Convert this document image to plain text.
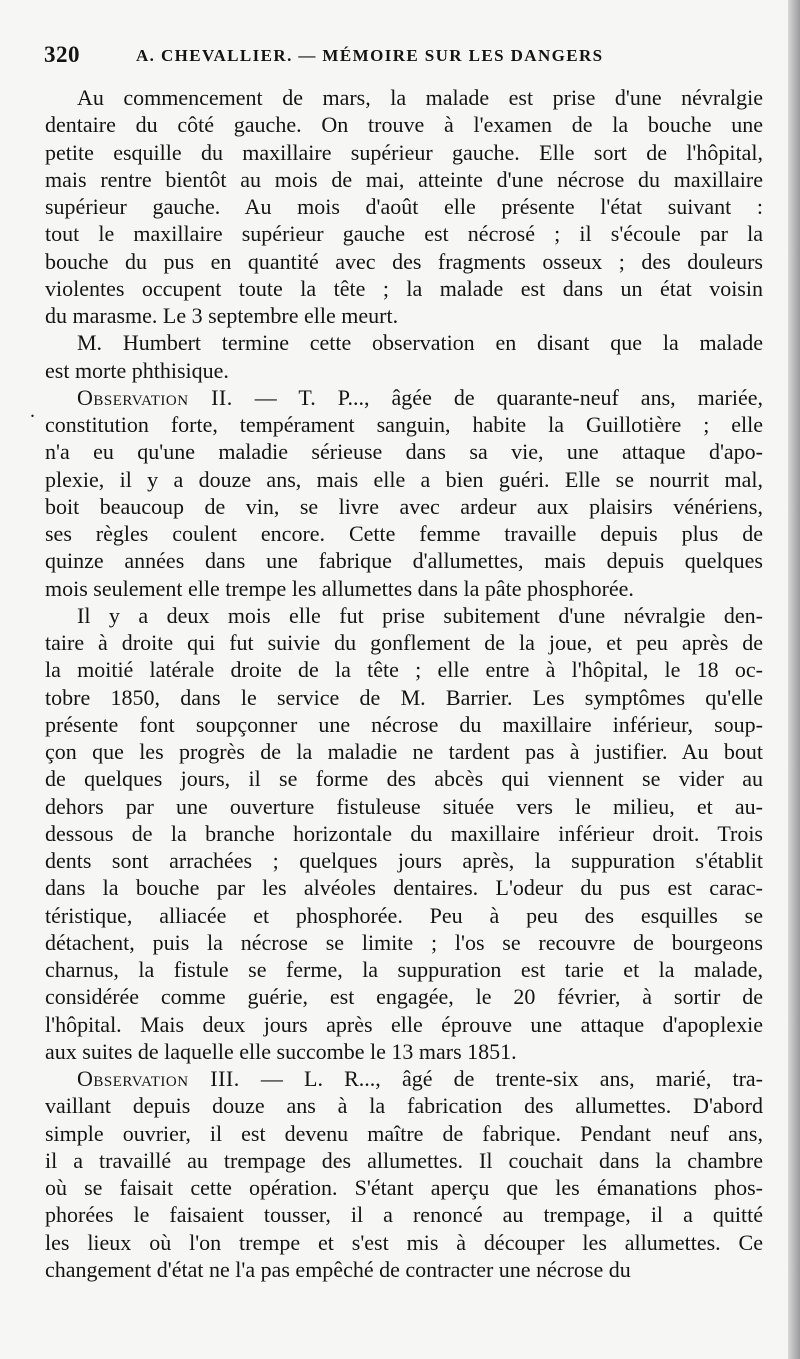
320	A. CHEVALLIER. — MÉMOIRE SUR LES DANGERS
.
Au commencement de mars, la malade est prise d'une névralgie
dentaire du côté gauche. On trouve à l'examen de la bouche une
petite esquille du maxillaire supérieur gauche. Elle sort de l'hôpital,
mais rentre bientôt au mois de mai, atteinte d'une nécrose du maxillaire
supérieur gauche. Au mois d'août elle présente l'état suivant :
tout le maxillaire supérieur gauche est nécrosé ; il s'écoule par la
bouche du pus en quantité avec des fragments osseux ; des douleurs
violentes occupent toute la tête ; la malade est dans un état voisin
du marasme. Le 3 septembre elle meurt.
M. Humbert termine cette observation en disant que la malade
est morte phthisique.
Observation II. — T. P..., âgée de quarante-neuf ans, mariée,
constitution forte, tempérament sanguin, habite la Guillotière ; elle
n'a eu qu'une maladie sérieuse dans sa vie, une attaque d'apo-
plexie, il y a douze ans, mais elle a bien guéri. Elle se nourrit mal,
boit beaucoup de vin, se livre avec ardeur aux plaisirs vénériens,
ses règles coulent encore. Cette femme travaille depuis plus de
quinze années dans une fabrique d'allumettes, mais depuis quelques
mois seulement elle trempe les allumettes dans la pâte phosphorée.
Il y a deux mois elle fut prise subitement d'une névralgie den-
taire à droite qui fut suivie du gonflement de la joue, et peu après de
la moitié latérale droite de la tête ; elle entre à l'hôpital, le 18 oc-
tobre 1850, dans le service de M. Barrier. Les symptômes qu'elle
présente font soupçonner une nécrose du maxillaire inférieur, soup-
çon que les progrès de la maladie ne tardent pas à justifier. Au bout
de quelques jours, il se forme des abcès qui viennent se vider au
dehors par une ouverture fistuleuse située vers le milieu, et au-
dessous de la branche horizontale du maxillaire inférieur droit. Trois
dents sont arrachées ; quelques jours après, la suppuration s'établit
dans la bouche par les alvéoles dentaires. L'odeur du pus est carac-
téristique, alliacée et phosphorée. Peu à peu des esquilles se
détachent, puis la nécrose se limite ; l'os se recouvre de bourgeons
charnus, la fistule se ferme, la suppuration est tarie et la malade,
considérée comme guérie, est engagée, le 20 février, à sortir de
l'hôpital. Mais deux jours après elle éprouve une attaque d'apoplexie
aux suites de laquelle elle succombe le 13 mars 1851.
Observation III. — L. R..., âgé de trente-six ans, marié, tra-
vaillant depuis douze ans à la fabrication des allumettes. D'abord
simple ouvrier, il est devenu maître de fabrique. Pendant neuf ans,
il a travaillé au trempage des allumettes. Il couchait dans la chambre
où se faisait cette opération. S'étant aperçu que les émanations phos-
phorées le faisaient tousser, il a renoncé au trempage, il a quitté
les lieux où l'on trempe et s'est mis à découper les allumettes. Ce
changement d'état ne l'a pas empêché de contracter une nécrose du
